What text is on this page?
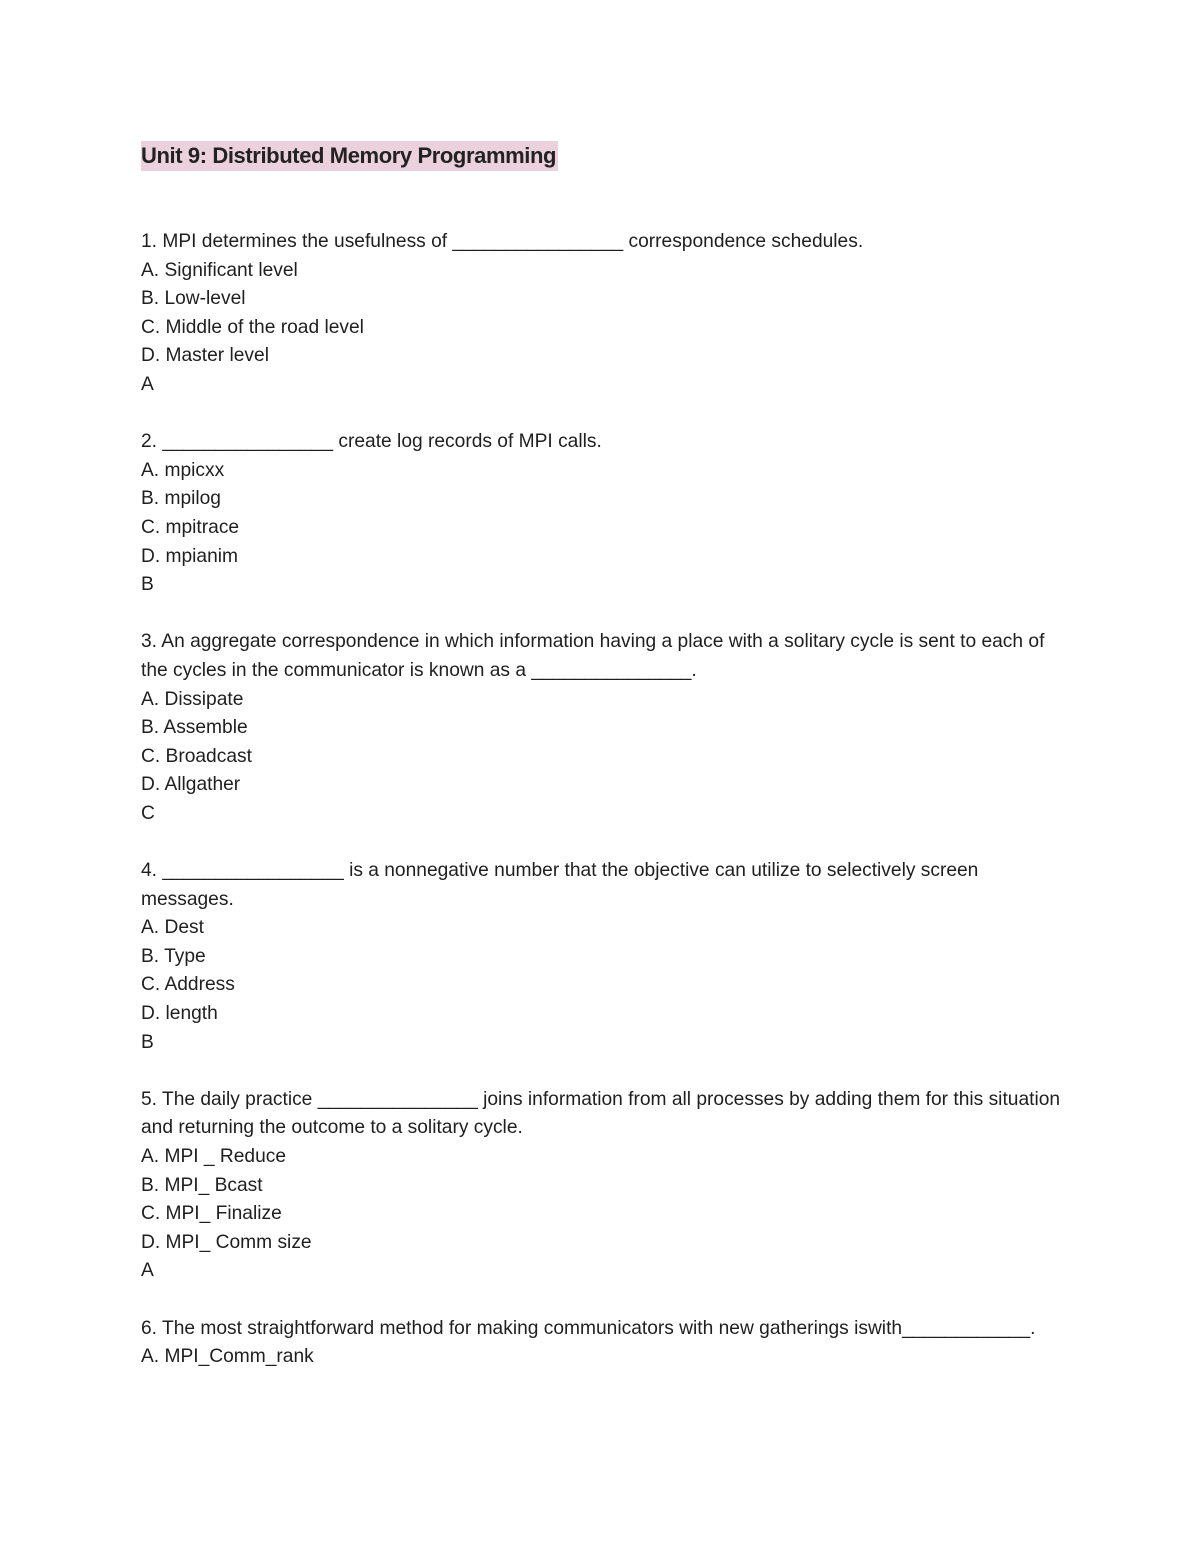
Unit 9: Distributed Memory Programming
1. MPI determines the usefulness of ________________ correspondence schedules.
A. Significant level
B. Low-level
C. Middle of the road level
D. Master level
A
2. ________________ create log records of MPI calls.
A. mpicxx
B. mpilog
C. mpitrace
D. mpianim
B
3. An aggregate correspondence in which information having a place with a solitary cycle is sent to each of the cycles in the communicator is known as a _______________.
A. Dissipate
B. Assemble
C. Broadcast
D. Allgather
C
4. _________________ is a nonnegative number that the objective can utilize to selectively screen messages.
A. Dest
B. Type
C. Address
D. length
B
5. The daily practice _______________ joins information from all processes by adding them for this situation and returning the outcome to a solitary cycle.
A. MPI _ Reduce
B. MPI_ Bcast
C. MPI_ Finalize
D. MPI_ Comm size
A
6. The most straightforward method for making communicators with new gatherings iswith____________.
A. MPI_Comm_rank
